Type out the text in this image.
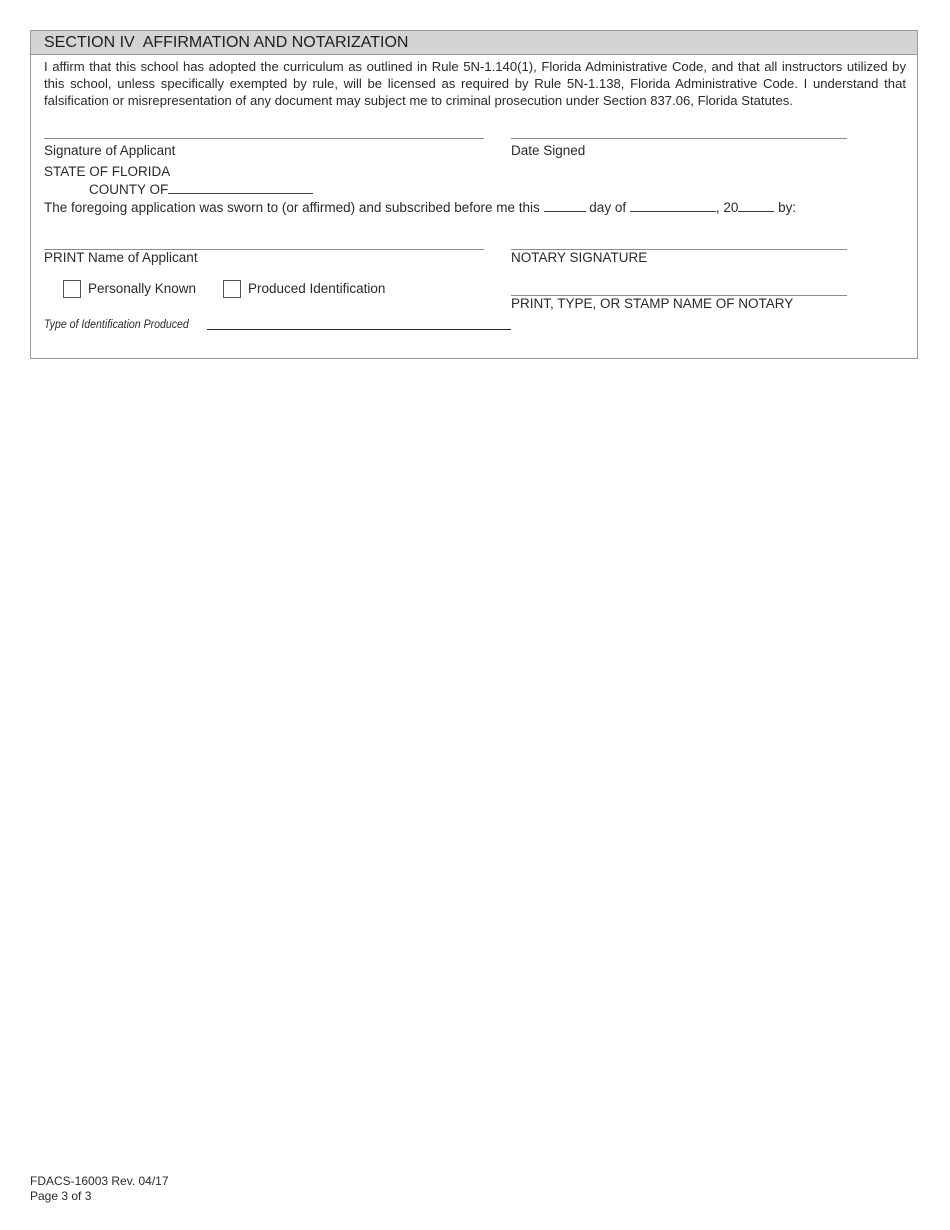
SECTION IV  AFFIRMATION AND NOTARIZATION
I affirm that this school has adopted the curriculum as outlined in Rule 5N-1.140(1), Florida Administrative Code, and that all instructors utilized by this school, unless specifically exempted by rule, will be licensed as required by Rule 5N-1.138, Florida Administrative Code. I understand that falsification or misrepresentation of any document may subject me to criminal prosecution under Section 837.06, Florida Statutes.
Signature of Applicant	Date Signed
STATE OF FLORIDA
COUNTY OF
The foregoing application was sworn to (or affirmed) and subscribed before me this	day of	, 20	by:
PRINT Name of Applicant	NOTARY SIGNATURE
Personally Known	Produced Identification
PRINT, TYPE, OR STAMP NAME OF NOTARY
Type of Identification Produced
FDACS-16003 Rev. 04/17
Page 3 of 3
